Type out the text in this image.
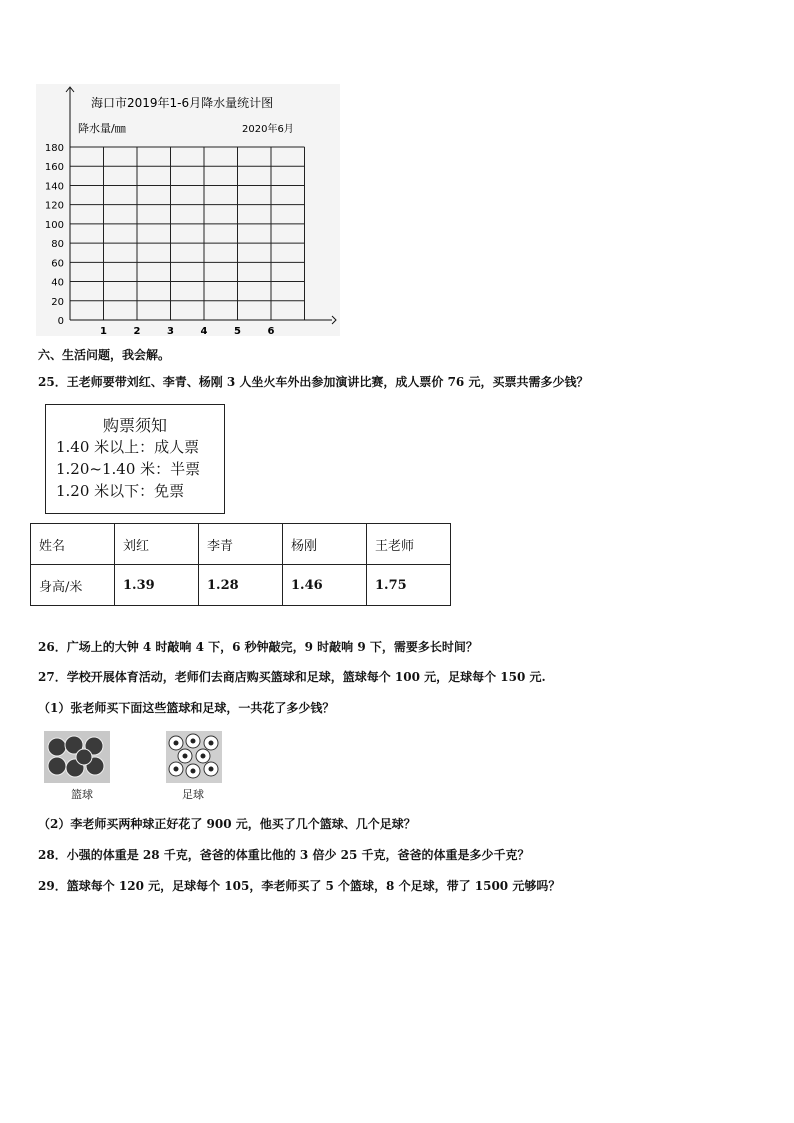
0
20
40
60
80
100
120
140
160
180
1	2	3	4	5	6
海口市2019年1-6月降水量统计图
降水量/㎜	2020年6月
六、生活问题，我会解。
25．王老师要带刘红、李青、杨刚 3 人坐火车外出参加演讲比赛，成人票价 76 元，买票共需多少钱？
购票须知
1.40 米以上：成人票
1.20~1.40 米：半票
1.20 米以下：免票
姓名	刘红	李青	杨刚	王老师
身高/米	1.39	1.28	1.46	1.75
26．广场上的大钟 4 时敲响 4 下，6 秒钟敲完，9 时敲响 9 下，需要多长时间？
27．学校开展体育活动，老师们去商店购买篮球和足球，篮球每个 100 元，足球每个 150 元.
（1）张老师买下面这些篮球和足球，一共花了多少钱？
篮球	足球
（2）李老师买两种球正好花了 900 元，他买了几个篮球、几个足球？
28．小强的体重是 28 千克，爸爸的体重比他的 3 倍少 25 千克，爸爸的体重是多少千克？
29．篮球每个 120 元，足球每个 105，李老师买了 5 个篮球，8 个足球，带了 1500 元够吗？
